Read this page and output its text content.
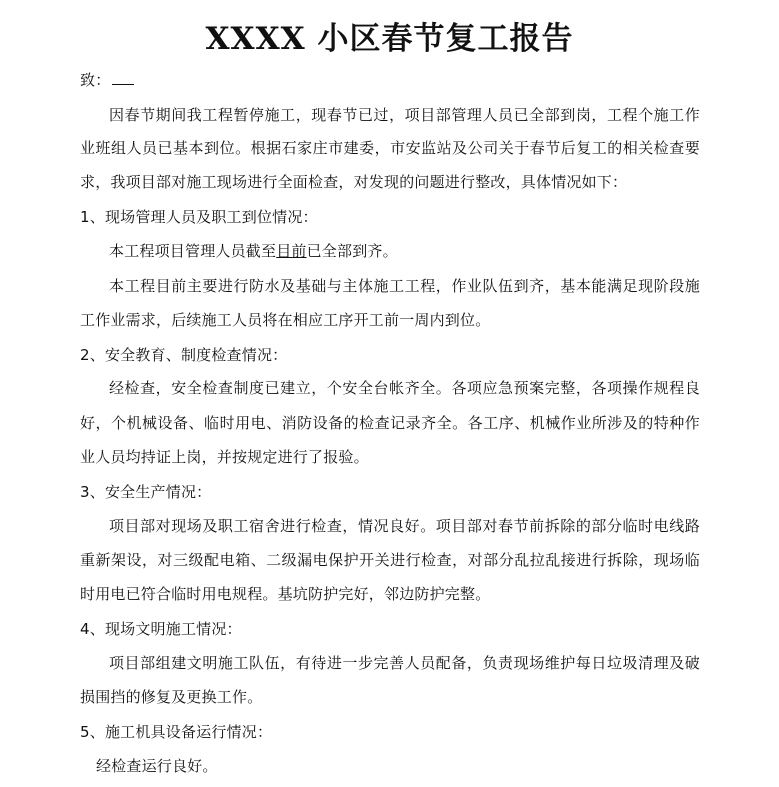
XXXX 小区春节复工报告
致：
因春节期间我工程暂停施工，现春节已过，项目部管理人员已全部到岗，工程个施工作
业班组人员已基本到位。根据石家庄市建委，市安监站及公司关于春节后复工的相关检查要
求，我项目部对施工现场进行全面检查，对发现的问题进行整改，具体情况如下：
1、现场管理人员及职工到位情况：
本工程项目管理人员截至目前已全部到齐。
本工程目前主要进行防水及基础与主体施工工程，作业队伍到齐，基本能满足现阶段施
工作业需求，后续施工人员将在相应工序开工前一周内到位。
2、安全教育、制度检查情况：
经检查，安全检查制度已建立，个安全台帐齐全。各项应急预案完整，各项操作规程良
好，个机械设备、临时用电、消防设备的检查记录齐全。各工序、机械作业所涉及的特种作
业人员均持证上岗，并按规定进行了报验。
3、安全生产情况：
项目部对现场及职工宿舍进行检查，情况良好。项目部对春节前拆除的部分临时电线路
重新架设，对三级配电箱、二级漏电保护开关进行检查，对部分乱拉乱接进行拆除，现场临
时用电已符合临时用电规程。基坑防护完好，邻边防护完整。
4、现场文明施工情况：
项目部组建文明施工队伍，有待进一步完善人员配备，负责现场维护每日垃圾清理及破
损围挡的修复及更换工作。
5、施工机具设备运行情况：
经检查运行良好。
